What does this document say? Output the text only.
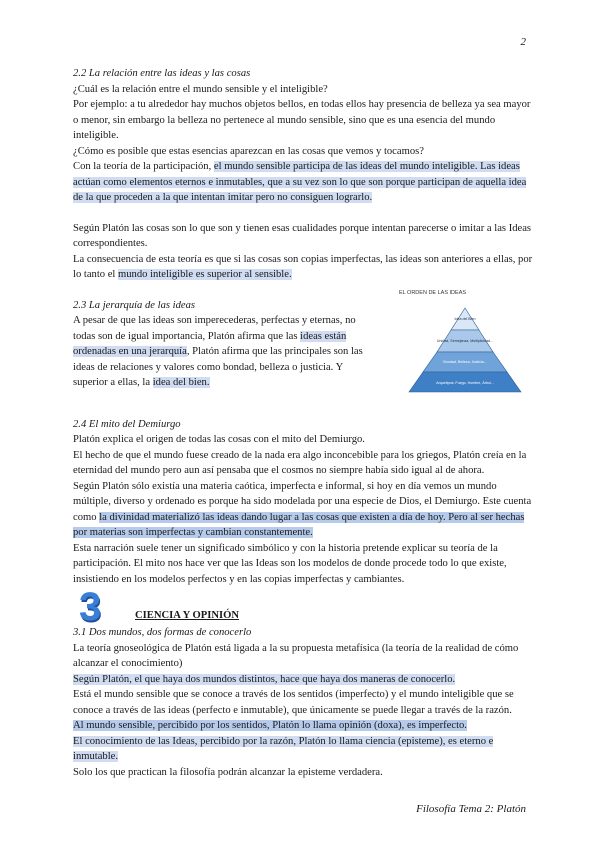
2

2.2 La relación entre las ideas y las cosas

¿Cuál es la relación entre el mundo sensible y el inteligible?

Por ejemplo: a tu alrededor hay muchos objetos bellos, en todas ellos hay presencia de belleza ya sea mayor o menor, sin embargo la belleza no pertenece al mundo sensible, sino que es una esencia del mundo inteligible.

¿Cómo es posible que estas esencias aparezcan en las cosas que vemos y tocamos?

Con la teoría de la participación, el mundo sensible participa de las ideas del mundo inteligible. Las ideas actúan como elementos eternos e inmutables, que a su vez son lo que son porque participan de aquella idea de la que proceden a la que intentan imitar pero no consiguen lograrlo.

Según Platón las cosas son lo que son y tienen esas cualidades porque intentan parecerse o imitar a las Ideas correspondientes.

La consecuencia de esta teoría es que si las cosas son copias imperfectas, las ideas son anteriores a ellas, por lo tanto el mundo inteligible es superior al sensible.

2.3 La jerarquía de las ideas

A pesar de que las ideas son imperecederas, perfectas y eternas, no todas son de igual importancia, Platón afirma que las ideas están ordenadas en una jerarquía, Platón afirma que las principales son las ideas de relaciones y valores como bondad, belleza o justicia. Y superior a ellas, la idea del bien.

EL ORDEN DE LAS IDEAS
Idea del Bien
Unidad, Semejanza, Multiplicidad...
Bondad, Belleza, Justicia...
Arquetipos: Fuego, Hombre, Árbol...

2.4 El mito del Demiurgo

Platón explica el origen de todas las cosas con el mito del Demiurgo.

El hecho de que el mundo fuese creado de la nada era algo inconcebible para los griegos, Platón creía en la eternidad del mundo pero aun así pensaba que el cosmos no siempre había sido igual al de ahora.

Según Platón sólo existía una materia caótica, imperfecta e informal, si hoy en día vemos un mundo múltiple, diverso y ordenado es porque ha sido modelada por una especie de Dios, el Demiurgo. Este cuenta como la divinidad materializó las ideas dando lugar a las cosas que existen a día de hoy. Pero al ser hechas por materias son imperfectas y cambian constantemente.

Esta narración suele tener un significado simbólico y con la historia pretende explicar su teoría de la participación. El mito nos hace ver que las Ideas son los modelos de donde procede todo lo que existe, insistiendo en los modelos perfectos y en las copias imperfectas y cambiantes.

3	CIENCIA Y OPINIÓN

3.1 Dos mundos, dos formas de conocerlo

La teoría gnoseológica de Platón está ligada a la su propuesta metafísica (la teoría de la realidad de cómo alcanzar el conocimiento)

Según Platón, el que haya dos mundos distintos, hace que haya dos maneras de conocerlo.

Está el mundo sensible que se conoce a través de los sentidos (imperfecto) y el mundo inteligible que se conoce a través de las ideas (perfecto e inmutable), que únicamente se puede llegar a través de la razón.

Al mundo sensible, percibido por los sentidos, Platón lo llama opinión (doxa), es imperfecto.

El conocimiento de las Ideas, percibido por la razón, Platón lo llama ciencia (episteme), es eterno e inmutable.

Solo los que practican la filosofía podrán alcanzar la episteme verdadera.

Filosofía Tema 2: Platón
